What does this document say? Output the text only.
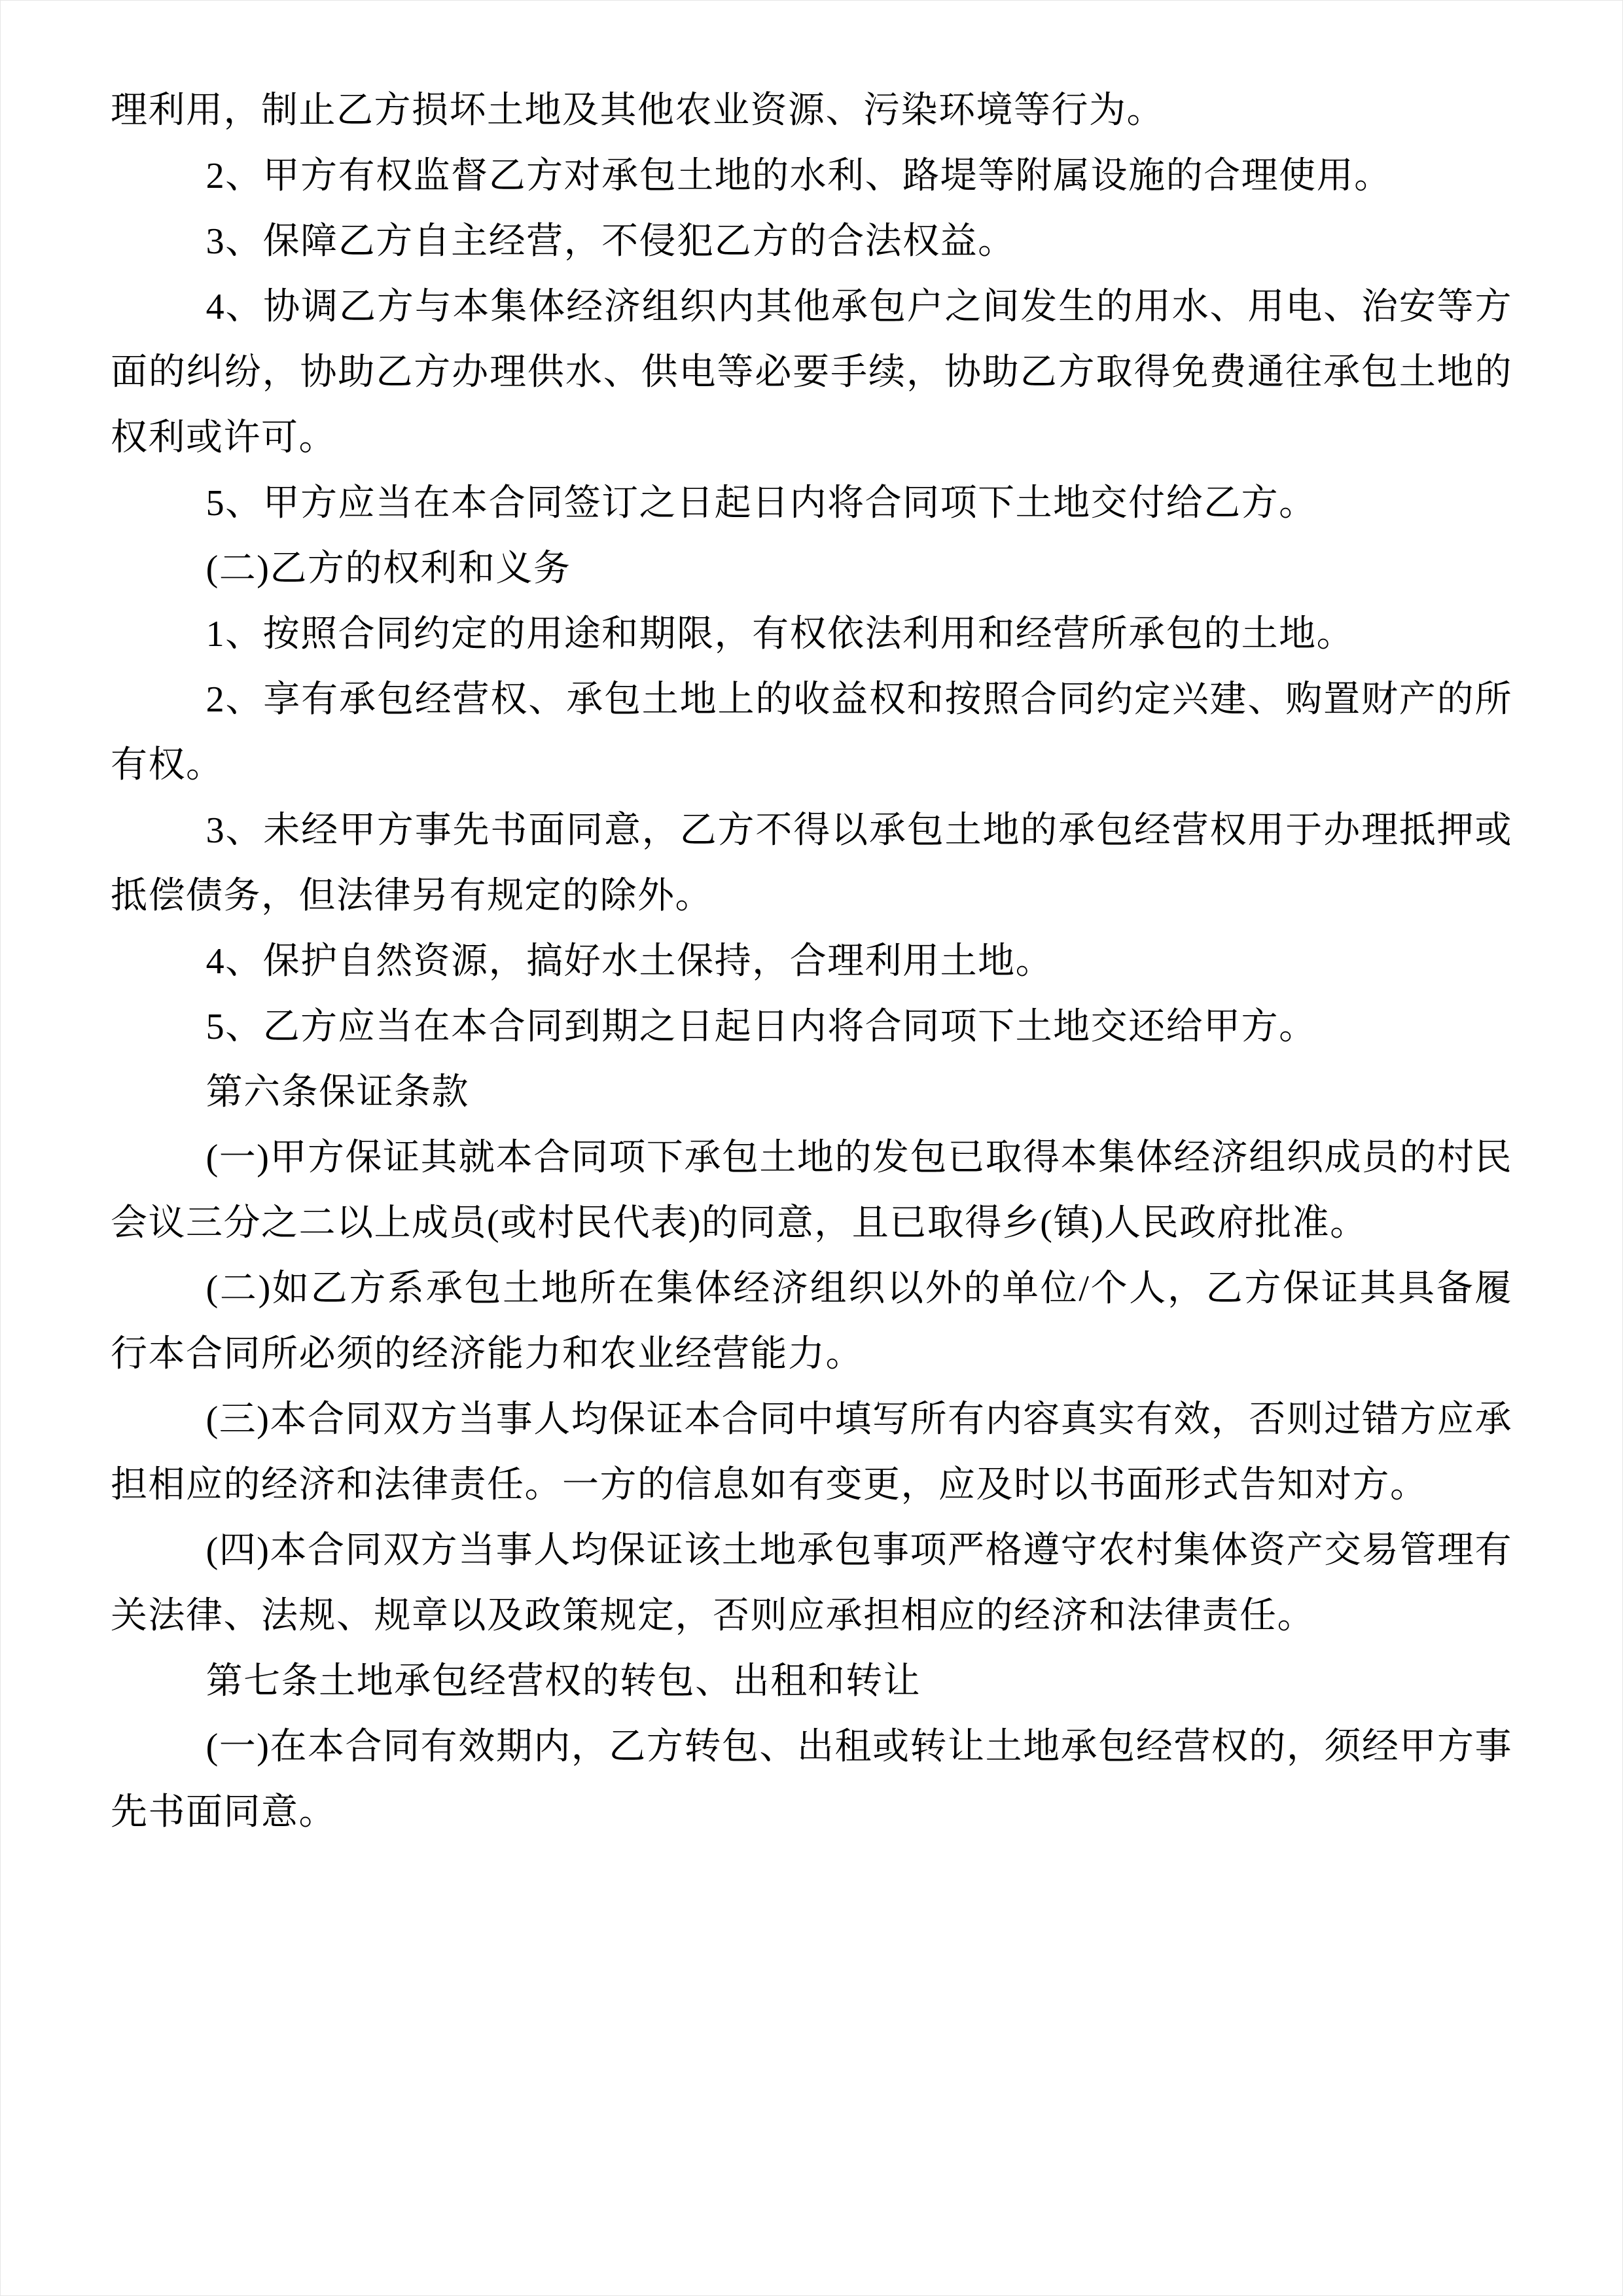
理利用，制止乙方损坏土地及其他农业资源、污染环境等行为。

2、甲方有权监督乙方对承包土地的水利、路堤等附属设施的合理使用。

3、保障乙方自主经营，不侵犯乙方的合法权益。

4、协调乙方与本集体经济组织内其他承包户之间发生的用水、用电、治安等方面的纠纷，协助乙方办理供水、供电等必要手续，协助乙方取得免费通往承包土地的权利或许可。

5、甲方应当在本合同签订之日起日内将合同项下土地交付给乙方。

(二)乙方的权利和义务

1、按照合同约定的用途和期限，有权依法利用和经营所承包的土地。

2、享有承包经营权、承包土地上的收益权和按照合同约定兴建、购置财产的所有权。

3、未经甲方事先书面同意，乙方不得以承包土地的承包经营权用于办理抵押或抵偿债务，但法律另有规定的除外。

4、保护自然资源，搞好水土保持，合理利用土地。

5、乙方应当在本合同到期之日起日内将合同项下土地交还给甲方。

第六条保证条款

(一)甲方保证其就本合同项下承包土地的发包已取得本集体经济组织成员的村民会议三分之二以上成员(或村民代表)的同意，且已取得乡(镇)人民政府批准。

(二)如乙方系承包土地所在集体经济组织以外的单位/个人，乙方保证其具备履行本合同所必须的经济能力和农业经营能力。

(三)本合同双方当事人均保证本合同中填写所有内容真实有效，否则过错方应承担相应的经济和法律责任。一方的信息如有变更，应及时以书面形式告知对方。

(四)本合同双方当事人均保证该土地承包事项严格遵守农村集体资产交易管理有关法律、法规、规章以及政策规定，否则应承担相应的经济和法律责任。

第七条土地承包经营权的转包、出租和转让

(一)在本合同有效期内，乙方转包、出租或转让土地承包经营权的，须经甲方事先书面同意。
